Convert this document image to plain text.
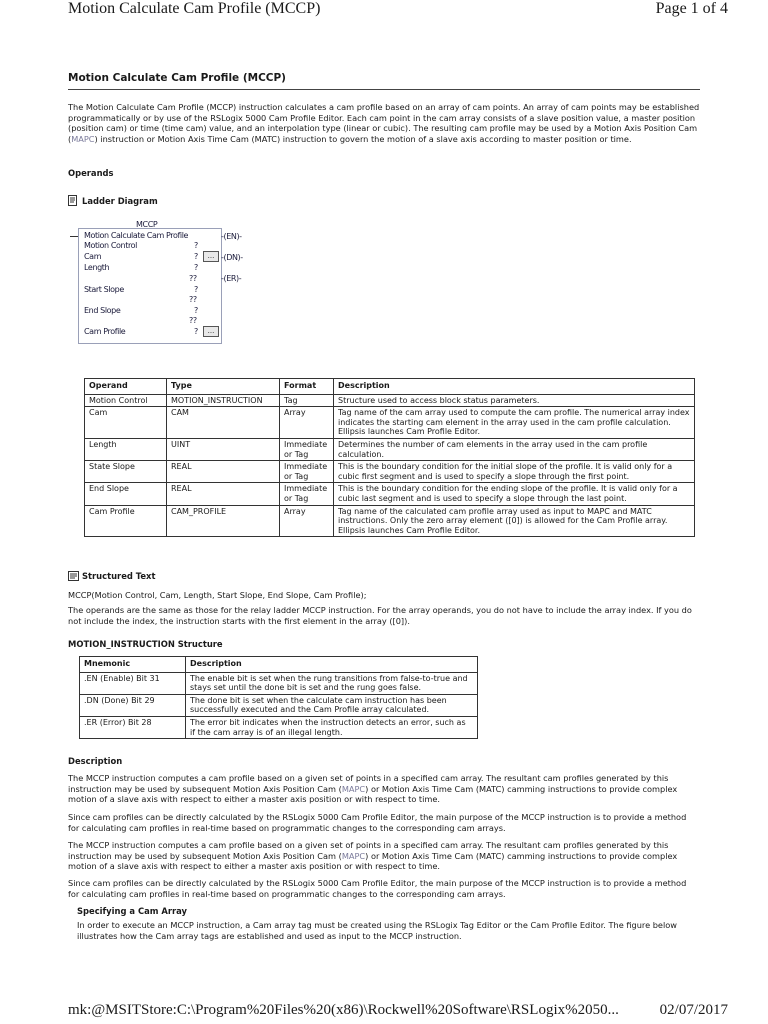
Motion Calculate Cam Profile (MCCP)	Page 1 of 4
Motion Calculate Cam Profile (MCCP)
The Motion Calculate Cam Profile (MCCP) instruction calculates a cam profile based on an array of cam points. An array of cam points may be established programmatically or by use of the RSLogix 5000 Cam Profile Editor. Each cam point in the cam array consists of a slave position value, a master position (position cam) or time (time cam) value, and an interpolation type (linear or cubic). The resulting cam profile may be used by a Motion Axis Position Cam (MAPC) instruction or Motion Axis Time Cam (MATC) instruction to govern the motion of a slave axis according to master position or time.
Operands
Ladder Diagram
MCCP
Motion Calculate Cam Profile
Motion Control	?
Cam	?	...
Length	?
??
Start Slope	?
??
End Slope	?
??
Cam Profile	?	...
-(EN)-
-(DN)-
-(ER)-
Operand	Type	Format	Description
Motion Control	MOTION_INSTRUCTION	Tag	Structure used to access block status parameters.
Cam	CAM	Array	Tag name of the cam array used to compute the cam profile. The numerical array index indicates the starting cam element in the array used in the cam profile calculation. Ellipsis launches Cam Profile Editor.
Length	UINT	Immediate or Tag	Determines the number of cam elements in the array used in the cam profile calculation.
State Slope	REAL	Immediate or Tag	This is the boundary condition for the initial slope of the profile. It is valid only for a cubic first segment and is used to specify a slope through the first point.
End Slope	REAL	Immediate or Tag	This is the boundary condition for the ending slope of the profile. It is valid only for a cubic last segment and is used to specify a slope through the last point.
Cam Profile	CAM_PROFILE	Array	Tag name of the calculated cam profile array used as input to MAPC and MATC instructions. Only the zero array element ([0]) is allowed for the Cam Profile array. Ellipsis launches Cam Profile Editor.
Structured Text
MCCP(Motion Control, Cam, Length, Start Slope, End Slope, Cam Profile);
The operands are the same as those for the relay ladder MCCP instruction. For the array operands, you do not have to include the array index. If you do not include the index, the instruction starts with the first element in the array ([0]).
MOTION_INSTRUCTION Structure
Mnemonic	Description
.EN (Enable) Bit 31	The enable bit is set when the rung transitions from false-to-true and stays set until the done bit is set and the rung goes false.
.DN (Done) Bit 29	The done bit is set when the calculate cam instruction has been successfully executed and the Cam Profile array calculated.
.ER (Error) Bit 28	The error bit indicates when the instruction detects an error, such as if the cam array is of an illegal length.
Description
The MCCP instruction computes a cam profile based on a given set of points in a specified cam array. The resultant cam profiles generated by this instruction may be used by subsequent Motion Axis Position Cam (MAPC) or Motion Axis Time Cam (MATC) camming instructions to provide complex motion of a slave axis with respect to either a master axis position or with respect to time.
Since cam profiles can be directly calculated by the RSLogix 5000 Cam Profile Editor, the main purpose of the MCCP instruction is to provide a method for calculating cam profiles in real-time based on programmatic changes to the corresponding cam arrays.
The MCCP instruction computes a cam profile based on a given set of points in a specified cam array. The resultant cam profiles generated by this instruction may be used by subsequent Motion Axis Position Cam (MAPC) or Motion Axis Time Cam (MATC) camming instructions to provide complex motion of a slave axis with respect to either a master axis position or with respect to time.
Since cam profiles can be directly calculated by the RSLogix 5000 Cam Profile Editor, the main purpose of the MCCP instruction is to provide a method for calculating cam profiles in real-time based on programmatic changes to the corresponding cam arrays.
Specifying a Cam Array
In order to execute an MCCP instruction, a Cam array tag must be created using the RSLogix Tag Editor or the Cam Profile Editor. The figure below illustrates how the Cam array tags are established and used as input to the MCCP instruction.
mk:@MSITStore:C:\Program%20Files%20(x86)\Rockwell%20Software\RSLogix%2050...	02/07/2017
